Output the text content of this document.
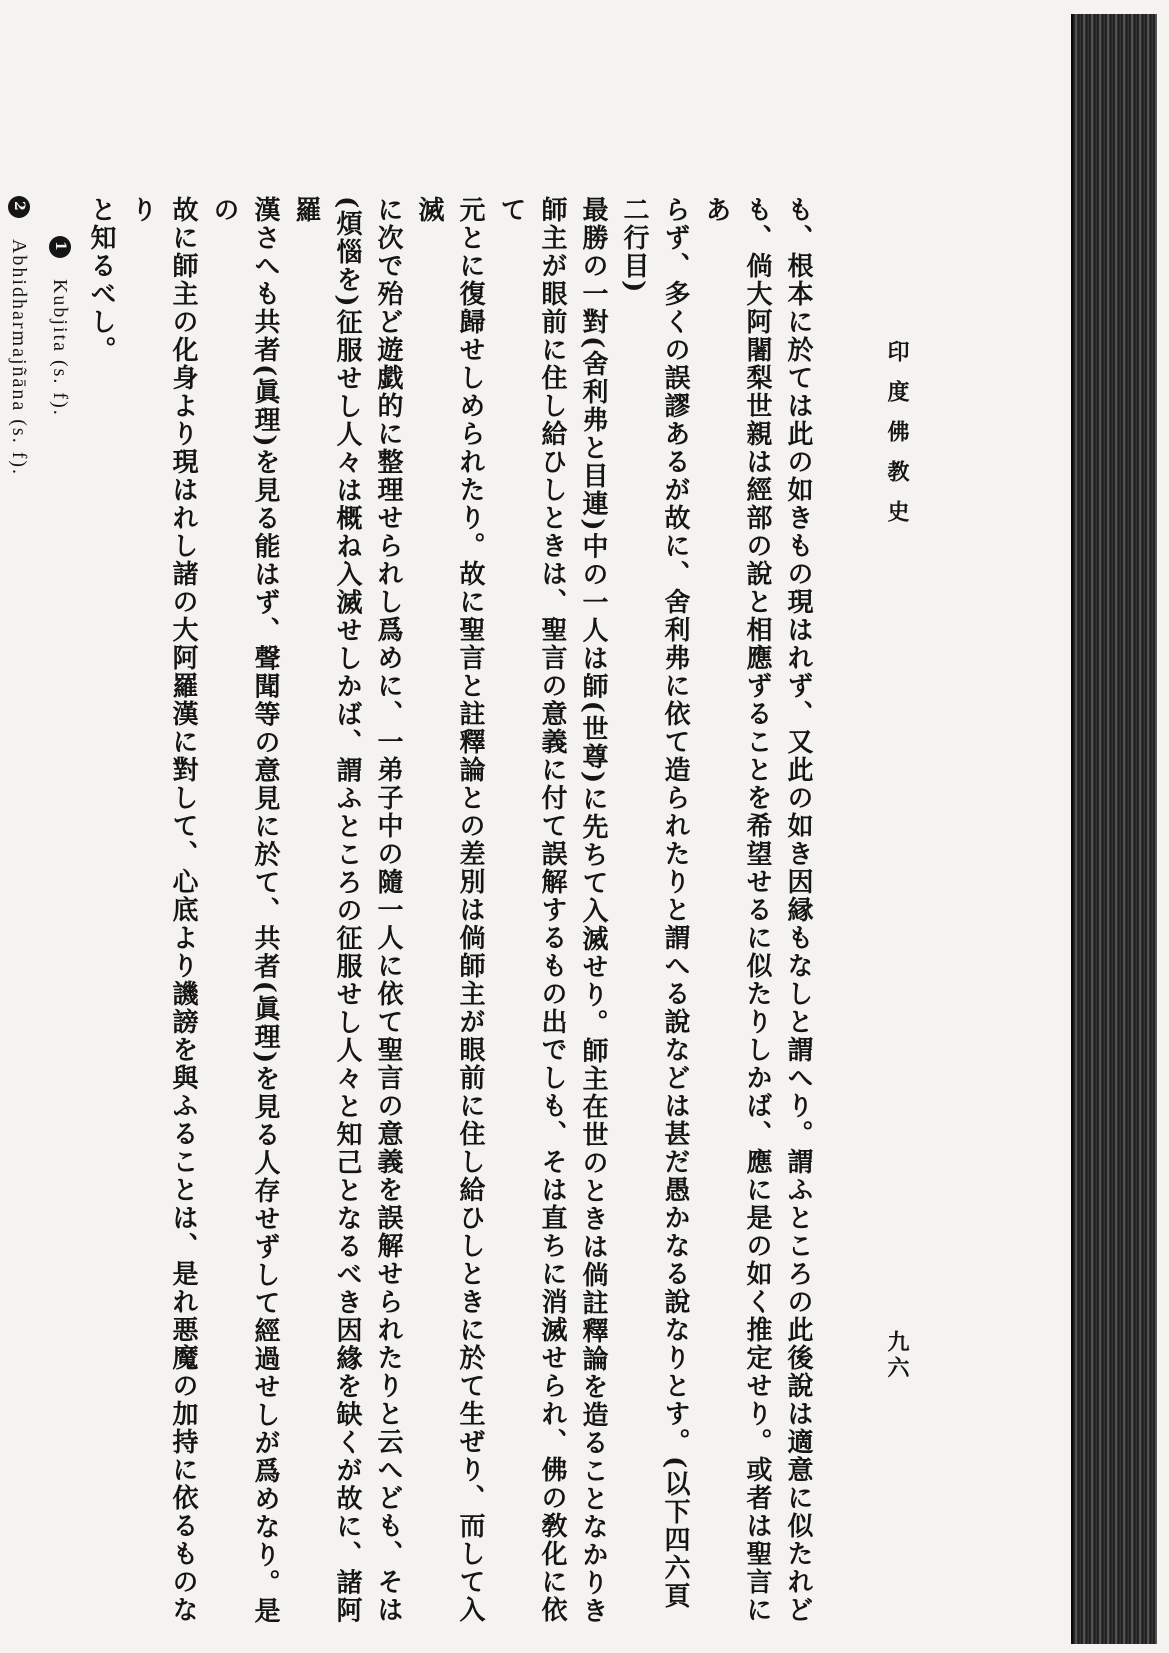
印度佛教史
九六

も、根本に於ては此の如きもの現はれず、又此の如き因縁もなしと謂へり。謂ふところの此後說は適意に似たれど

も、倘大阿闍梨世親は經部の說と相應ずることを希望せるに似たりしかば、應に是の如く推定せり。或者は聖言にあ

らず、多くの誤謬あるが故に、舍利弗に依て造られたりと謂へる說などは甚だ愚かなる說なりとす。(以下四六頁二行目)

最勝の一對(舍利弗と目連)中の一人は師(世尊)に先ちて入滅せり。師主在世のときは倘註釋論を造ることなかりき

師主が眼前に住し給ひしときは、聖言の意義に付て誤解するもの出でしも、そは直ちに消滅せられ、佛の敎化に依て

元とに復歸せしめられたり。故に聖言と註釋論との差別は倘師主が眼前に住し給ひしときに於て生ぜり、而して入滅

に次で殆ど遊戯的に整理せられし爲めに、一弟子中の隨一人に依て聖言の意義を誤解せられたりと云へども、そは

(煩惱を)征服せし人々は概ね入滅せしかば、謂ふところの征服せし人々と知己となるべき因緣を缺くが故に、諸阿羅

漢さへも共者(眞理)を見る能はず、聲聞等の意見に於て、共者(眞理)を見る人存せずして經過せしが爲めなり。是の

故に師主の化身より現はれし諸の大阿羅漢に對して、心底より譏謗を與ふることは、是れ悪魔の加持に依るものなり

と知るべし。

1 Kubjita (s. f).

2 Abhidharmajñāna (s. f).
